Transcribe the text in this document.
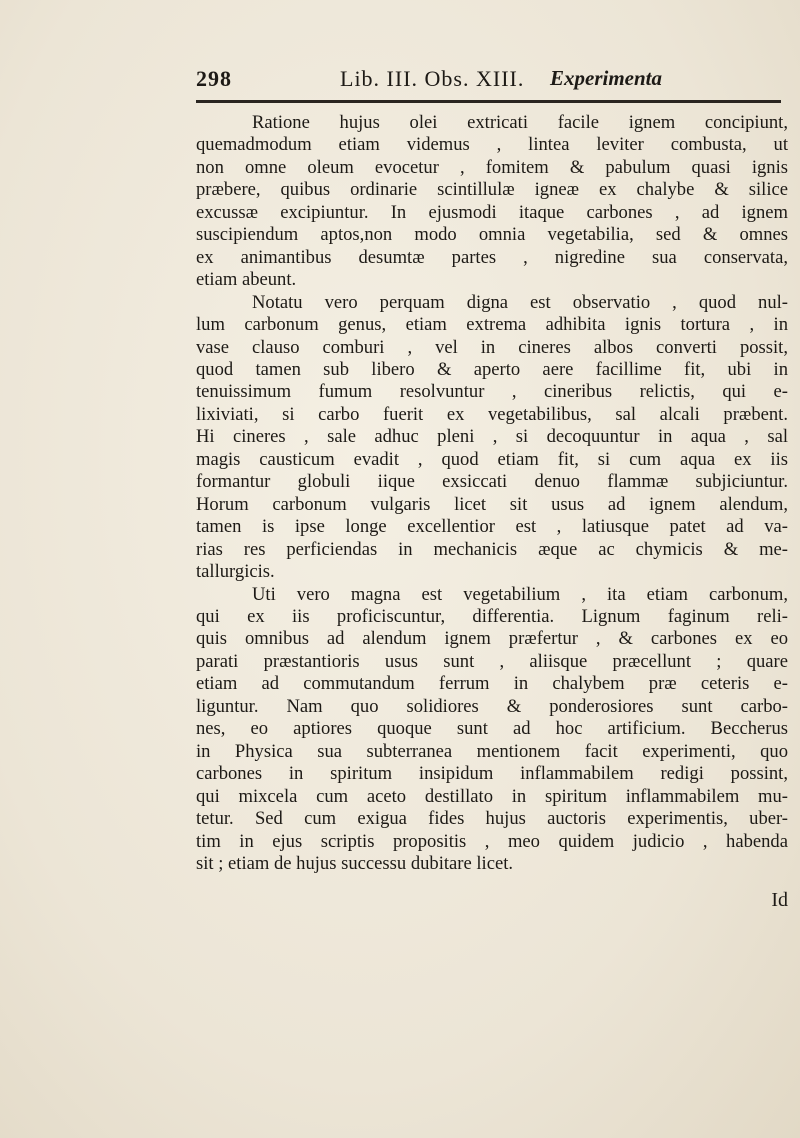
298	Lib. III. Obs. XIII. Experimenta
Ratione hujus olei extricati facile ignem concipiunt,
quemadmodum etiam videmus , lintea leviter combusta, ut
non omne oleum evocetur , fomitem & pabulum quasi ignis
præbere, quibus ordinarie scintillulæ igneæ ex chalybe & silice
excussæ excipiuntur. In ejusmodi itaque carbones , ad ignem
suscipiendum aptos,non modo omnia vegetabilia, sed & omnes
ex animantibus desumtæ partes , nigredine sua conservata,
etiam abeunt.
Notatu vero perquam digna est observatio , quod nul-
lum carbonum genus, etiam extrema adhibita ignis tortura , in
vase clauso comburi , vel in cineres albos converti possit,
quod tamen sub libero & aperto aere facillime fit, ubi in
tenuissimum fumum resolvuntur , cineribus relictis, qui e-
lixiviati, si carbo fuerit ex vegetabilibus, sal alcali præbent.
Hi cineres , sale adhuc pleni , si decoquuntur in aqua , sal
magis causticum evadit , quod etiam fit, si cum aqua ex iis
formantur globuli iique exsiccati denuo flammæ subjiciuntur.
Horum carbonum vulgaris licet sit usus ad ignem alendum,
tamen is ipse longe excellentior est , latiusque patet ad va-
rias res perficiendas in mechanicis æque ac chymicis & me-
tallurgicis.
Uti vero magna est vegetabilium , ita etiam carbonum,
qui ex iis proficiscuntur, differentia. Lignum faginum reli-
quis omnibus ad alendum ignem præfertur , & carbones ex eo
parati præstantioris usus sunt , aliisque præcellunt ; quare
etiam ad commutandum ferrum in chalybem præ ceteris e-
liguntur. Nam quo solidiores & ponderosiores sunt carbo-
nes, eo aptiores quoque sunt ad hoc artificium. Beccherus
in Physica sua subterranea mentionem facit experimenti, quo
carbones in spiritum insipidum inflammabilem redigi possint,
qui mixcela cum aceto destillato in spiritum inflammabilem mu-
tetur. Sed cum exigua fides hujus auctoris experimentis, uber-
tim in ejus scriptis propositis , meo quidem judicio , habenda
sit ; etiam de hujus successu dubitare licet.
Id
